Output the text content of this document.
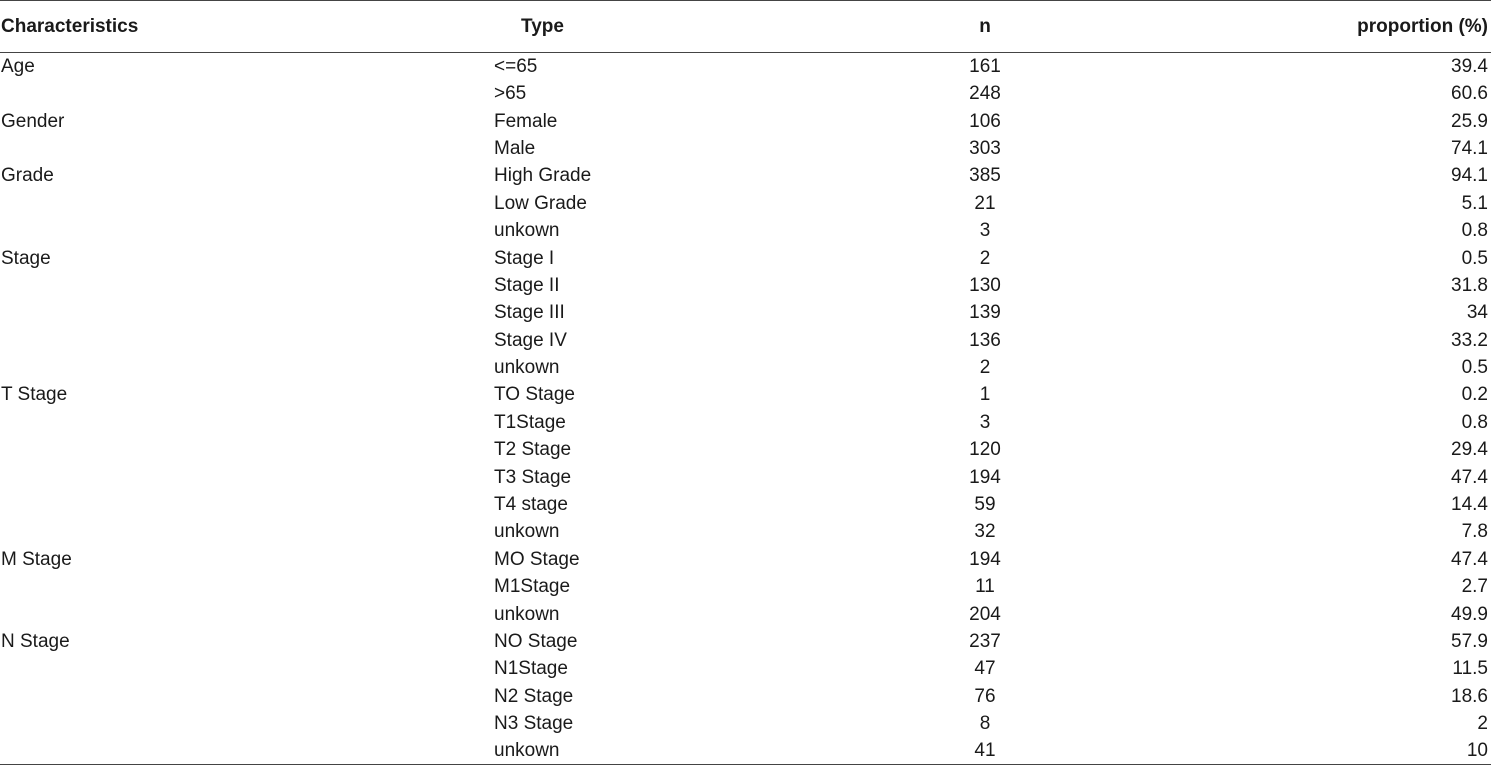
Characteristics	Type	n	proportion (%)
Age	<=65	161	39.4
	>65	248	60.6
Gender	Female	106	25.9
	Male	303	74.1
Grade	High Grade	385	94.1
	Low Grade	21	5.1
	unkown	3	0.8
Stage	Stage I	2	0.5
	Stage II	130	31.8
	Stage III	139	34
	Stage IV	136	33.2
	unkown	2	0.5
T Stage	TO Stage	1	0.2
	T1Stage	3	0.8
	T2 Stage	120	29.4
	T3 Stage	194	47.4
	T4 stage	59	14.4
	unkown	32	7.8
M Stage	MO Stage	194	47.4
	M1Stage	11	2.7
	unkown	204	49.9
N Stage	NO Stage	237	57.9
	N1Stage	47	11.5
	N2 Stage	76	18.6
	N3 Stage	8	2
	unkown	41	10
